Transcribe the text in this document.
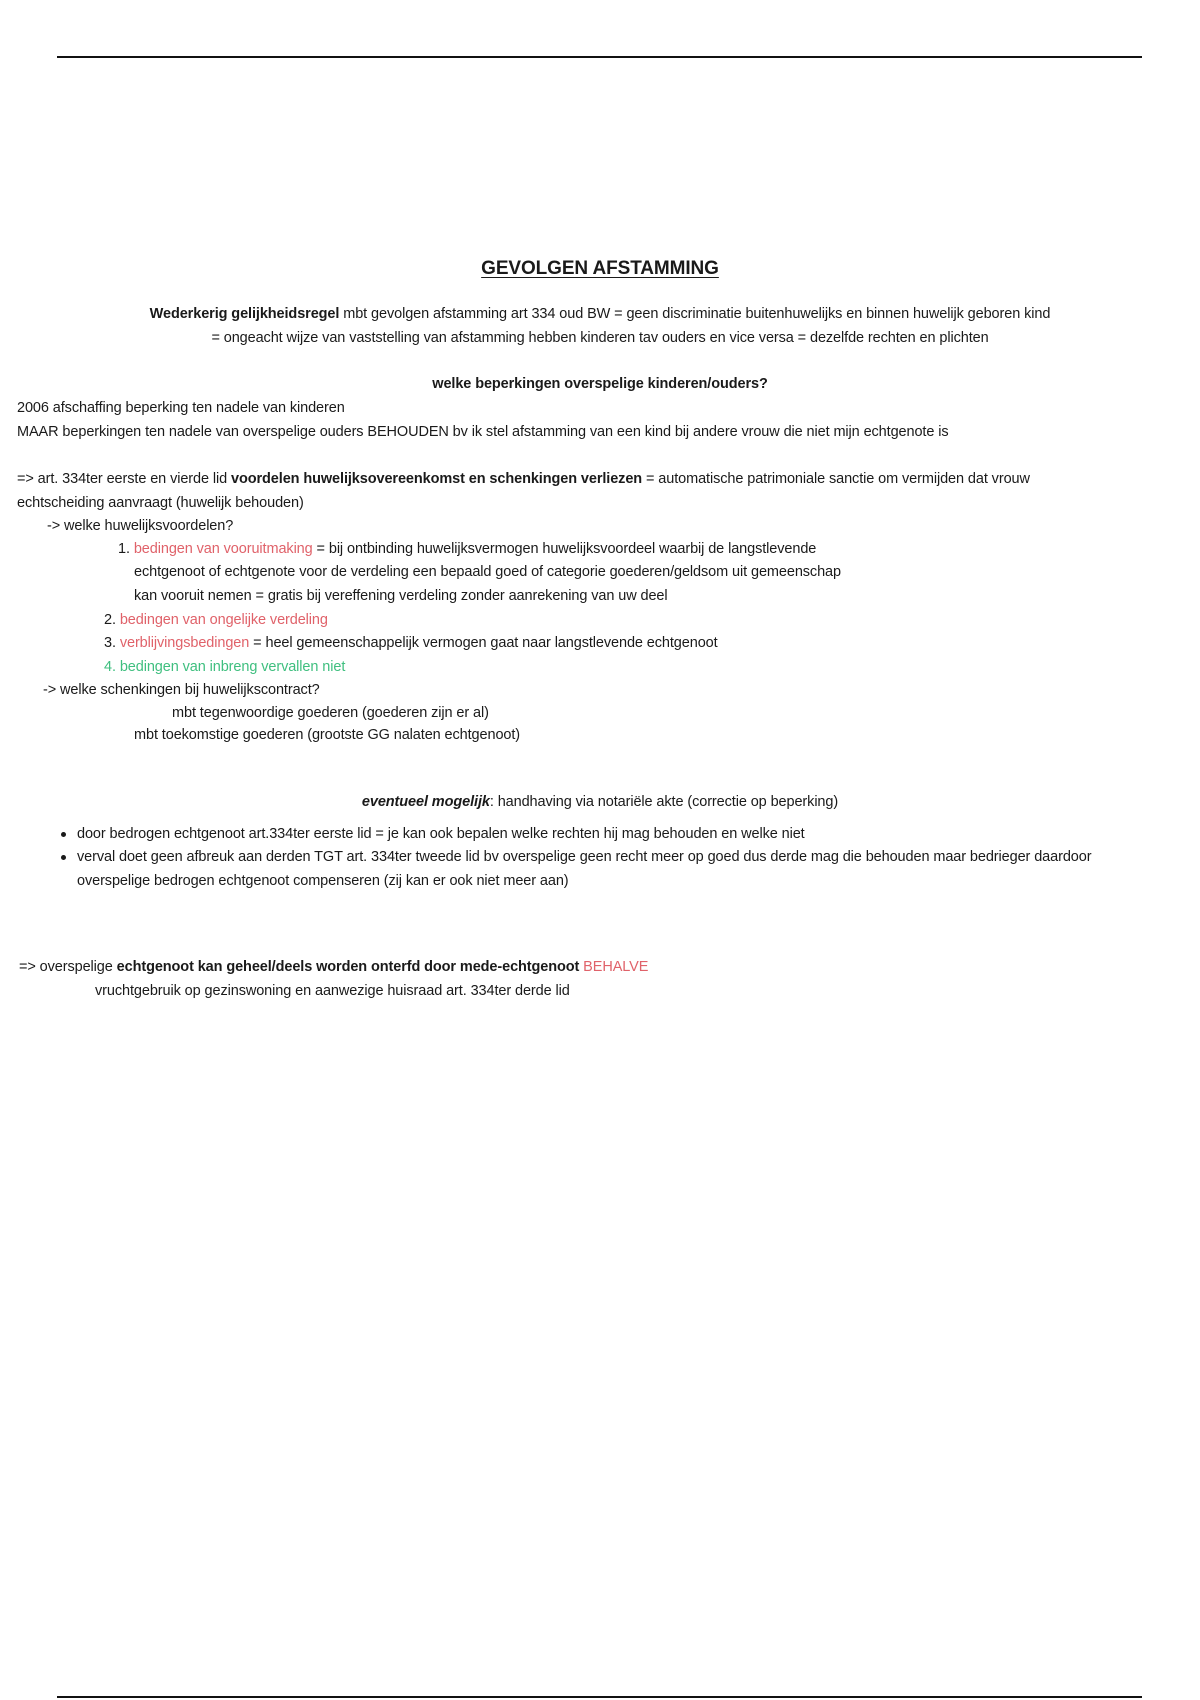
GEVOLGEN AFSTAMMING
Wederkerig gelijkheidsregel mbt gevolgen afstamming art 334 oud BW = geen discriminatie buitenhuwelijks en binnen huwelijk geboren kind
= ongeacht wijze van vaststelling van afstamming hebben kinderen tav ouders en vice versa = dezelfde rechten en plichten
welke beperkingen overspelige kinderen/ouders?
2006 afschaffing beperking ten nadele van kinderen
MAAR beperkingen ten nadele van overspelige ouders BEHOUDEN bv ik stel afstamming van een kind bij andere vrouw die niet mijn echtgenote is
=> art. 334ter eerste en vierde lid voordelen huwelijksovereenkomst en schenkingen verliezen = automatische patrimoniale sanctie om vermijden dat vrouw
echtscheiding aanvraagt (huwelijk behouden)
-> welke huwelijksvoordelen?
1. bedingen van vooruitmaking = bij ontbinding huwelijksvermogen huwelijksvoordeel waarbij de langstlevende
echtgenoot of echtgenote voor de verdeling een bepaald goed of categorie goederen/geldsom uit gemeenschap
kan vooruit nemen = gratis bij vereffening verdeling zonder aanrekening van uw deel
2. bedingen van ongelijke verdeling
3. verblijvingsbedingen = heel gemeenschappelijk vermogen gaat naar langstlevende echtgenoot
4. bedingen van inbreng vervallen niet
-> welke schenkingen bij huwelijkscontract?
mbt tegenwoordige goederen (goederen zijn er al)
mbt toekomstige goederen (grootste GG nalaten echtgenoot)
eventueel mogelijk: handhaving via notariële akte (correctie op beperking)
door bedrogen echtgenoot art.334ter eerste lid = je kan ook bepalen welke rechten hij mag behouden en welke niet
verval doet geen afbreuk aan derden TGT art. 334ter tweede lid bv overspelige geen recht meer op goed dus derde mag die behouden maar bedrieger daardoor
overspelige bedrogen echtgenoot compenseren (zij kan er ook niet meer aan)
=> overspelige echtgenoot kan geheel/deels worden onterfd door mede-echtgenoot BEHALVE
vruchtgebruik op gezinswoning en aanwezige huisraad art. 334ter derde lid
